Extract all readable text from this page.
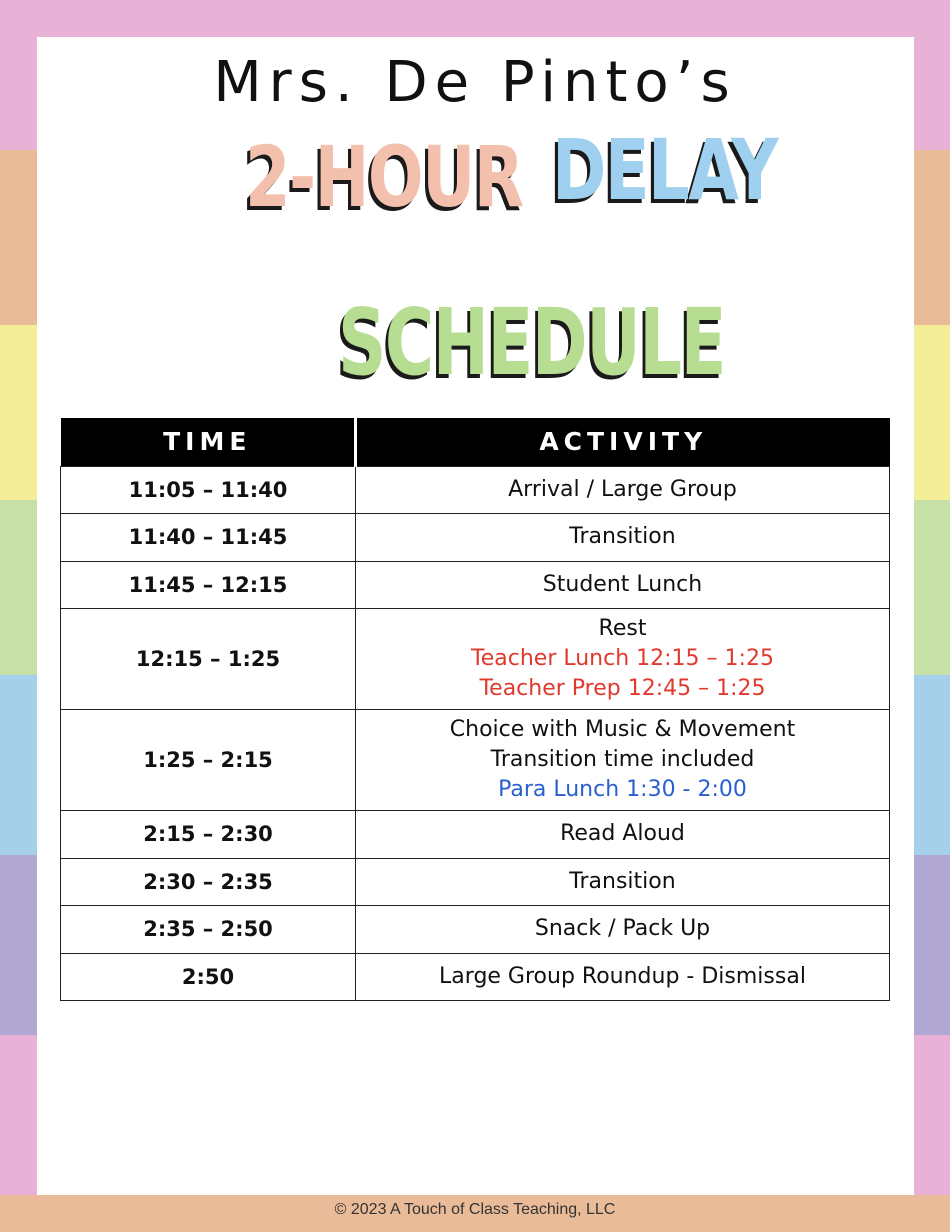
Mrs. De Pinto’s
2-HOUR DELAY
SCHEDULE
TIME	ACTIVITY
11:05 – 11:40	Arrival / Large Group

11:40 – 11:45	Transition

11:45 – 12:15	Student Lunch

12:15 – 1:25	Rest
Teacher Lunch 12:15 – 1:25
Teacher Prep 12:45 – 1:25

1:25 – 2:15	Choice with Music & Movement
Transition time included
Para Lunch 1:30 - 2:00

2:15 – 2:30	Read Aloud

2:30 – 2:35	Transition

2:35 – 2:50	Snack / Pack Up

2:50	Large Group Roundup - Dismissal
© 2023 A Touch of Class Teaching, LLC
